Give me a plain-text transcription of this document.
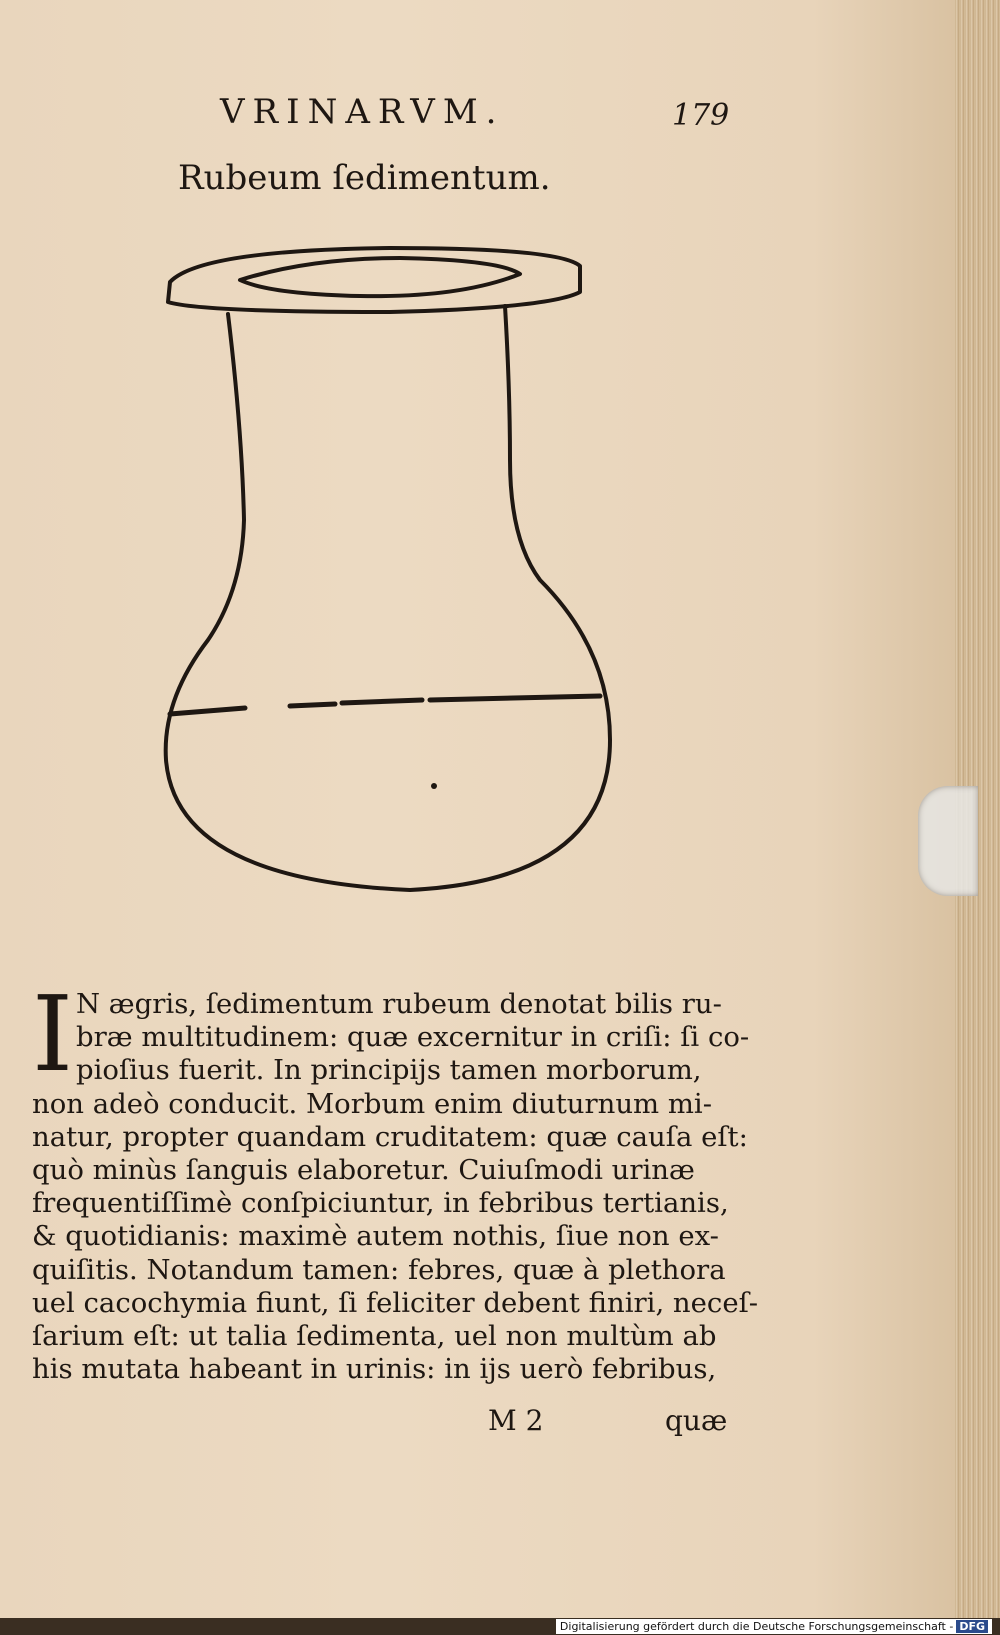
VRINARVM.	179
Rubeum ſedimentum.
I N ægris, ſedimentum rubeum denotat bilis ru-
bræ multitudinem: quæ excernitur in criſi: ſi co-
pioſius fuerit. In principijs tamen morborum,
non adeò conducit. Morbum enim diuturnum mi-
natur, propter quandam cruditatem: quæ cauſa eſt:
quò minùs ſanguis elaboretur. Cuiuſmodi urinæ
frequentiſſimè conſpiciuntur, in febribus tertianis,
& quotidianis: maximè autem nothis, ſiue non ex-
quiſitis. Notandum tamen: febres, quæ à plethora
uel cacochymia fiunt, ſi feliciter debent finiri, neceſ-
ſarium eſt: ut talia ſedimenta, uel non multùm ab
his mutata habeant in urinis: in ijs uerò febribus,
M 2	quæ
Digitalisierung gefördert durch die Deutsche Forschungsgemeinschaft - DFG
